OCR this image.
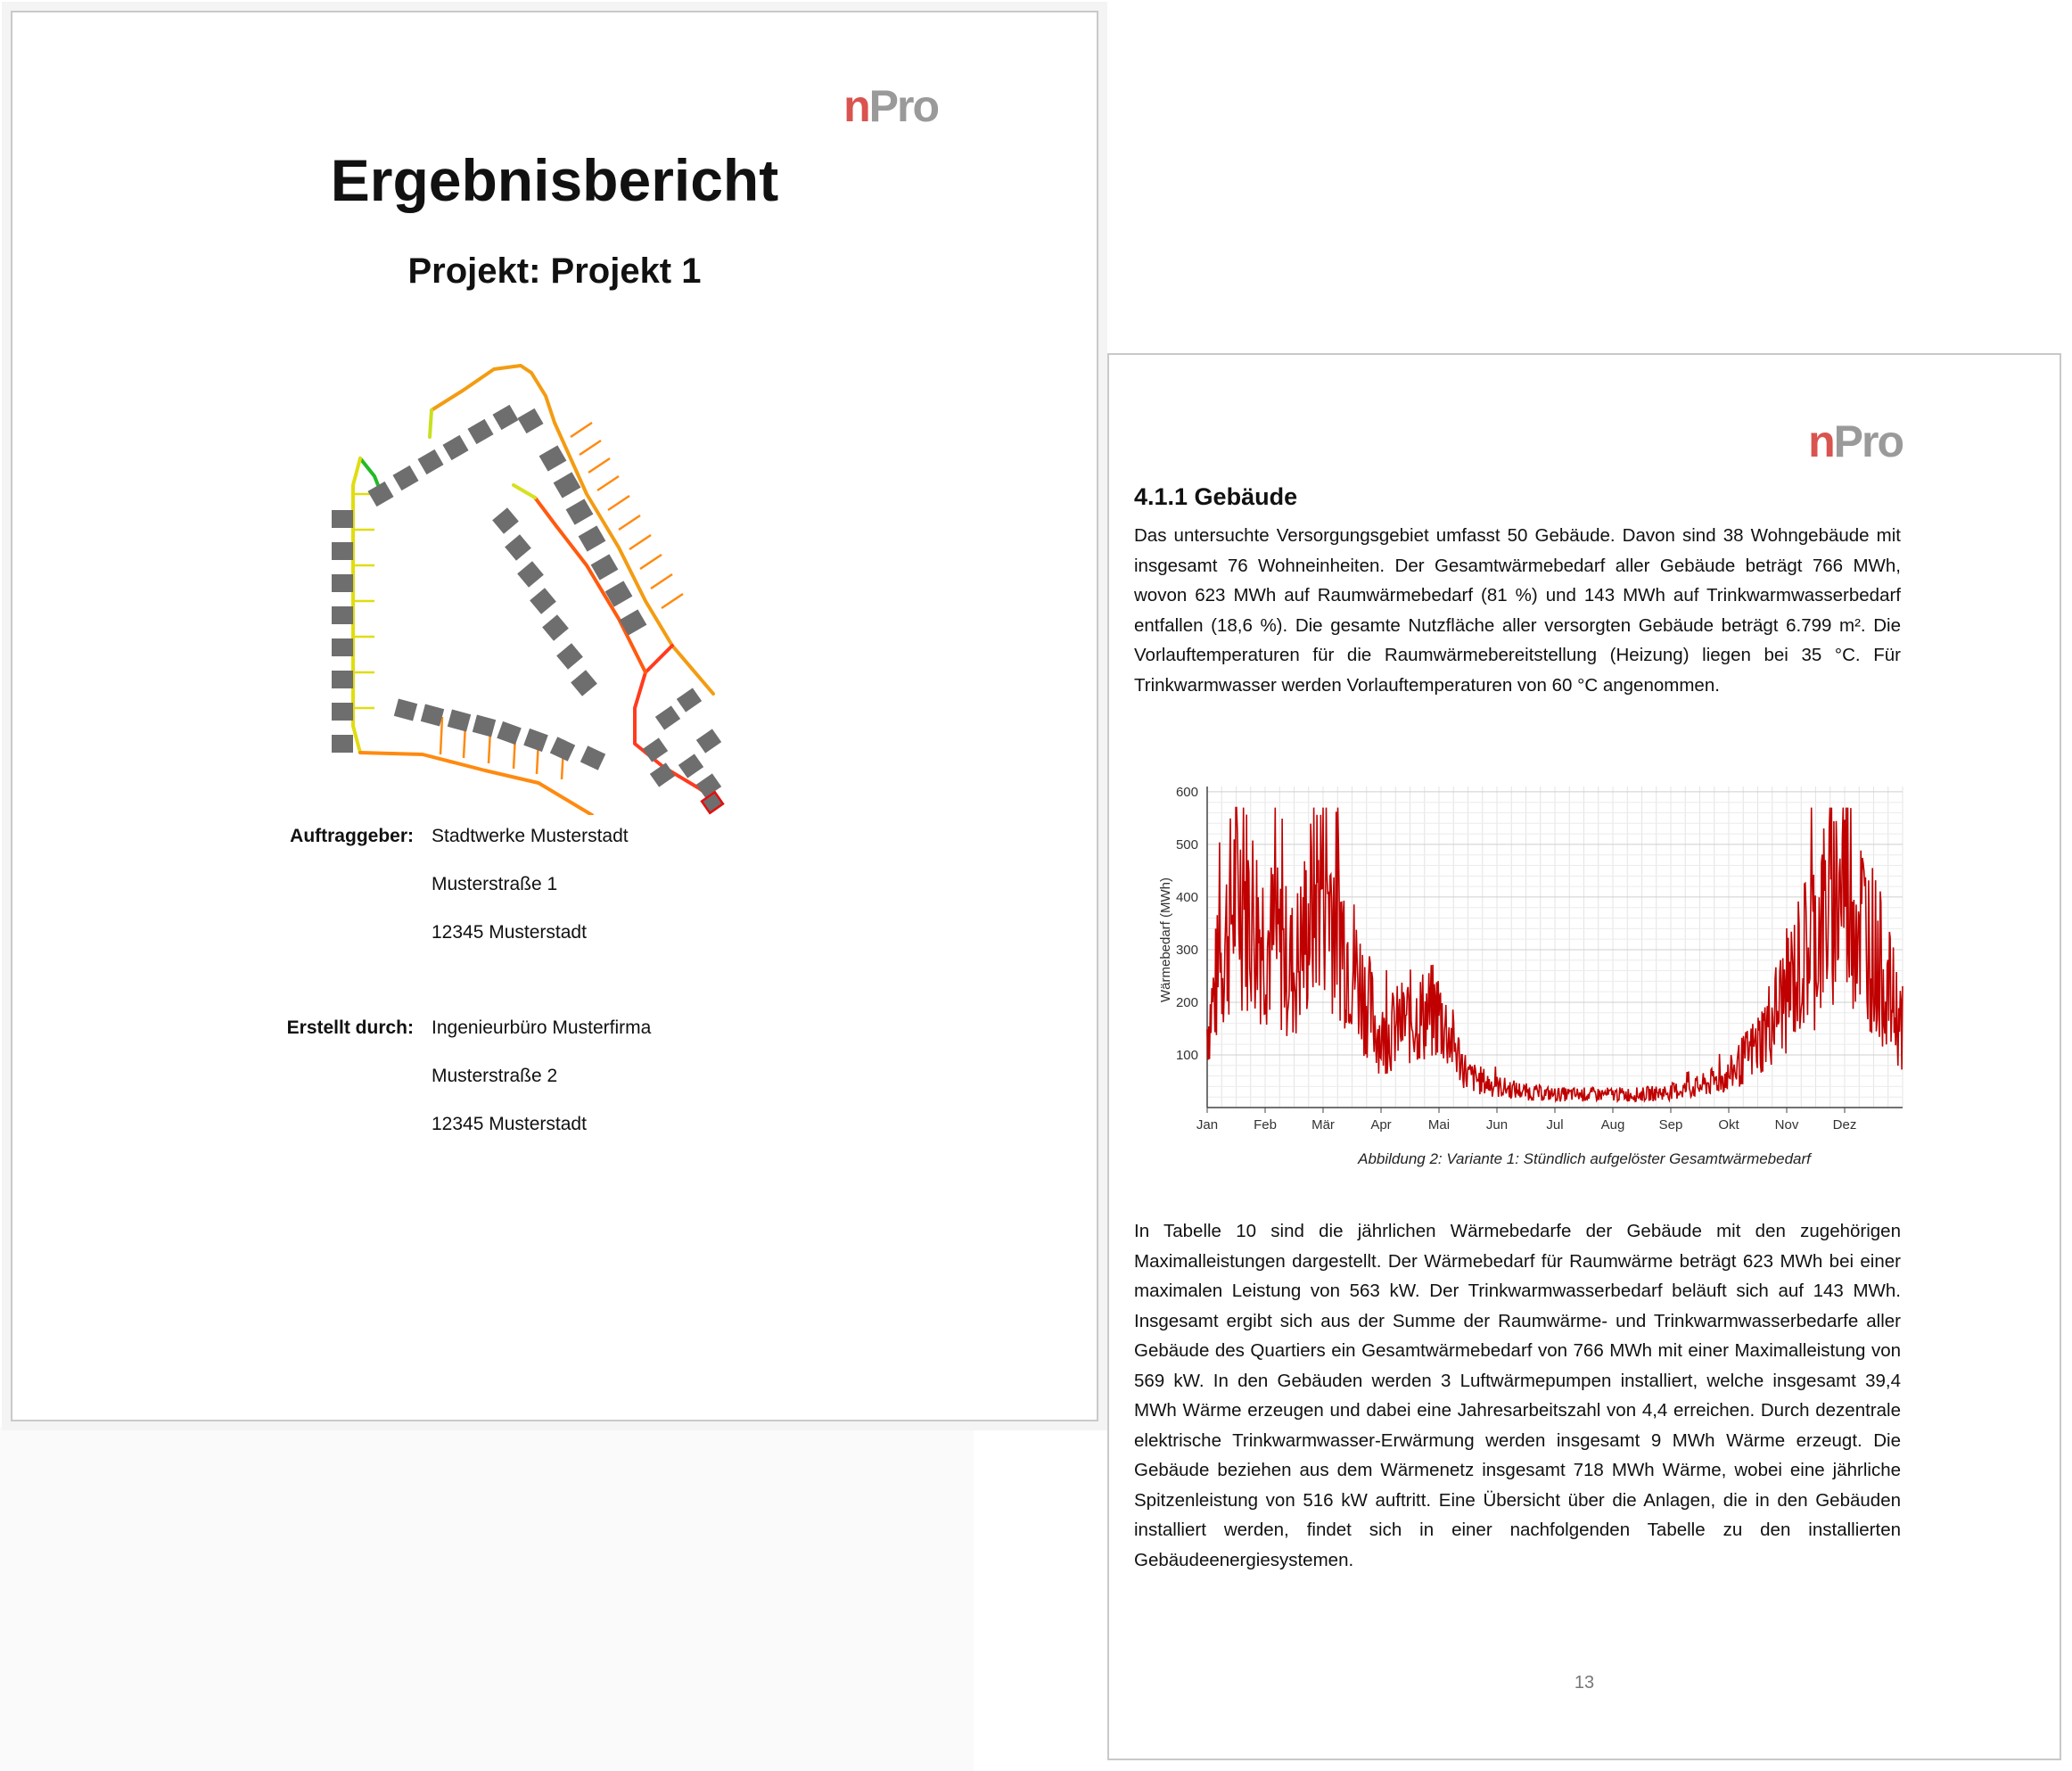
nPro
Ergebnisbericht
Projekt: Projekt 1
Auftraggeber: Stadtwerke Musterstadt
Musterstraße 1
12345 Musterstadt
Erstellt durch: Ingenieurbüro Musterfirma
Musterstraße 2
12345 Musterstadt
nPro
4.1.1 Gebäude
Das untersuchte Versorgungsgebiet umfasst 50 Gebäude. Davon sind 38 Wohngebäude mit insgesamt 76 Wohneinheiten. Der Gesamtwärmebedarf aller Gebäude beträgt 766 MWh, wovon 623 MWh auf Raumwärmebedarf (81 %) und 143 MWh auf Trinkwarmwasserbedarf entfallen (18,6 %). Die gesamte Nutzfläche aller versorgten Gebäude beträgt 6.799 m². Die Vorlauftemperaturen für die Raumwärmebereitstellung (Heizung) liegen bei 35 °C. Für Trinkwarmwasser werden Vorlauftemperaturen von 60 °C angenommen.
Wärmebedarf (MWh)
100
200
300
400
500
600
Jan	Feb	Mär	Apr	Mai	Jun	Jul	Aug	Sep	Okt	Nov	Dez
Abbildung 2: Variante 1: Stündlich aufgelöster Gesamtwärmebedarf
In Tabelle 10 sind die jährlichen Wärmebedarfe der Gebäude mit den zugehörigen Maximalleistungen dargestellt. Der Wärmebedarf für Raumwärme beträgt 623 MWh bei einer maximalen Leistung von 563 kW. Der Trinkwarmwasserbedarf beläuft sich auf 143 MWh. Insgesamt ergibt sich aus der Summe der Raumwärme- und Trinkwarmwasserbedarfe aller Gebäude des Quartiers ein Gesamtwärmebedarf von 766 MWh mit einer Maximalleistung von 569 kW. In den Gebäuden werden 3 Luftwärmepumpen installiert, welche insgesamt 39,4 MWh Wärme erzeugen und dabei eine Jahresarbeitszahl von 4,4 erreichen. Durch dezentrale elektrische Trinkwarmwasser-Erwärmung werden insgesamt 9 MWh Wärme erzeugt. Die Gebäude beziehen aus dem Wärmenetz insgesamt 718 MWh Wärme, wobei eine jährliche Spitzenleistung von 516 kW auftritt. Eine Übersicht über die Anlagen, die in den Gebäuden installiert werden, findet sich in einer nachfolgenden Tabelle zu den installierten Gebäudeenergiesystemen.
13
